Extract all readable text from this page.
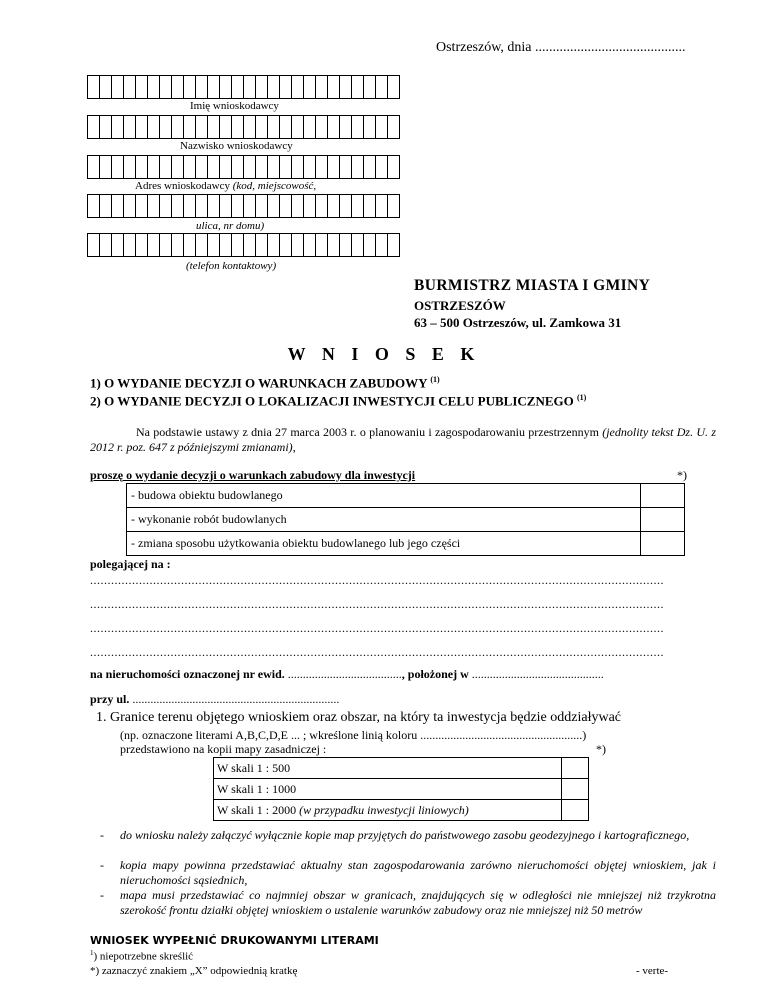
Ostrzeszów, dnia ...........................................
Imię wnioskodawcy
Nazwisko wnioskodawcy
Adres wnioskodawcy (kod, miejscowość,
ulica, nr domu)
(telefon kontaktowy)
BURMISTRZ MIASTA I GMINY
OSTRZESZÓW
63 – 500 Ostrzeszów, ul. Zamkowa 31
W N I O S E K
1) O WYDANIE DECYZJI O WARUNKACH ZABUDOWY $^{(1)}$
2) O WYDANIE DECYZJI O LOKALIZACJI INWESTYCJI CELU PUBLICZNEGO $^{(1)}$
Na podstawie ustawy z dnia 27 marca 2003 r. o planowaniu i zagospodarowaniu przestrzennym (jednolity tekst Dz. U. z 2012 r. poz. 647 z późniejszymi zmianami),
proszę o wydanie decyzji o warunkach zabudowy dla inwestycji	*)
- budowa obiektu budowlanego	
- wykonanie robót budowlanych	
- zmiana sposobu użytkowania obiektu budowlanego lub jego części	
polegającej na :
....................................................................................................................................................................
....................................................................................................................................................................
....................................................................................................................................................................
....................................................................................................................................................................
na nieruchomości oznaczonej nr ewid. ......................................, położonej w ............................................
przy ul. .....................................................................
1. Granice terenu objętego wnioskiem oraz obszar, na który ta inwestycja będzie oddziaływać
(np. oznaczone literami A,B,C,D,E ... ; wkreślone linią koloru ......................................................)
przedstawiono na kopii mapy zasadniczej :	*)
W skali 1 : 500	
W skali 1 : 1000	
W skali 1 : 2000 (w przypadku inwestycji liniowych)	
- do wniosku należy załączyć wyłącznie kopie map przyjętych do państwowego zasobu geodezyjnego i kartograficznego,
- kopia mapy powinna przedstawiać aktualny stan zagospodarowania zarówno nieruchomości objętej wnioskiem, jak i nieruchomości sąsiednich,
- mapa musi przedstawiać co najmniej obszar w granicach, znajdujących się w odległości nie mniejszej niż trzykrotna szerokość frontu działki objętej wnioskiem o ustalenie warunków zabudowy oraz nie mniejszej niż 50 metrów
WNIOSEK WYPEŁNIĆ DRUKOWANYMI LITERAMI
$^1$) niepotrzebne skreślić
*) zaznaczyć znakiem „X” odpowiednią kratkę	- verte-
